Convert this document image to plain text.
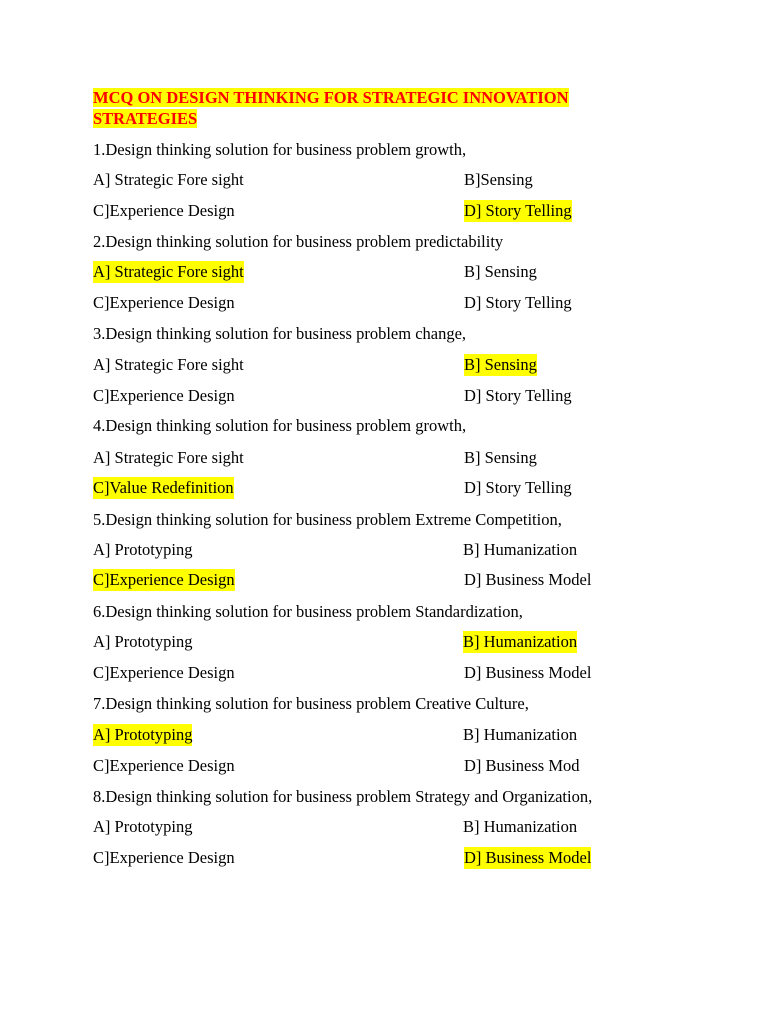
MCQ ON DESIGN THINKING FOR STRATEGIC INNOVATION
STRATEGIES
1.Design thinking solution for business problem growth,
A] Strategic Fore sight	B]Sensing
C]Experience Design	D] Story Telling
2.Design thinking solution for business problem predictability
A] Strategic Fore sight	B] Sensing
C]Experience Design	D] Story Telling
3.Design thinking solution for business problem change,
A] Strategic Fore sight	B] Sensing
C]Experience Design	D] Story Telling
4.Design thinking solution for business problem growth,
A] Strategic Fore sight	B] Sensing
C]Value Redefinition	D] Story Telling
5.Design thinking solution for business problem Extreme Competition,
A] Prototyping	B] Humanization
C]Experience Design	D] Business Model
6.Design thinking solution for business problem Standardization,
A] Prototyping	B] Humanization
C]Experience Design	D] Business Model
7.Design thinking solution for business problem Creative Culture,
A] Prototyping	B] Humanization
C]Experience Design	D] Business Mod
8.Design thinking solution for business problem Strategy and Organization,
A] Prototyping	B] Humanization
C]Experience Design	D] Business Model
